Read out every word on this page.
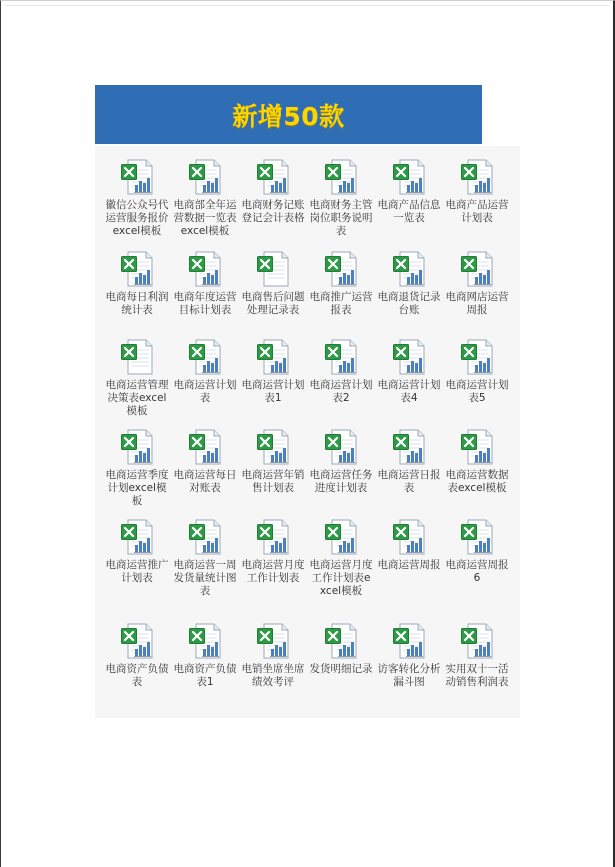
新增50款
徽信公众号代运营服务报价excel模板
电商部全年运营数据一览表excel模板
电商财务记账登记会计表格
电商财务主管岗位职务说明表
电商产品信息一览表
电商产品运营计划表
电商每日利润统计表
电商年度运营目标计划表
电商售后问题处理记录表
电商推广运营报表
电商退货记录台账
电商网店运营周报
电商运营管理决策表excel模板
电商运营计划表
电商运营计划表1
电商运营计划表2
电商运营计划表4
电商运营计划表5
电商运营季度计划excel模板
电商运营每日对账表
电商运营年销售计划表
电商运营任务进度计划表
电商运营日报表
电商运营数据表excel模板
电商运营推广计划表
电商运营一周发货量统计图表
电商运营月度工作计划表
电商运营月度工作计划表excel模板
电商运营周报 电商运营周报6
电商资产负债表
电商资产负债表1
电销坐席坐席绩效考评
发货明细记录 访客转化分析漏斗图
实用双十一活动销售利润表
